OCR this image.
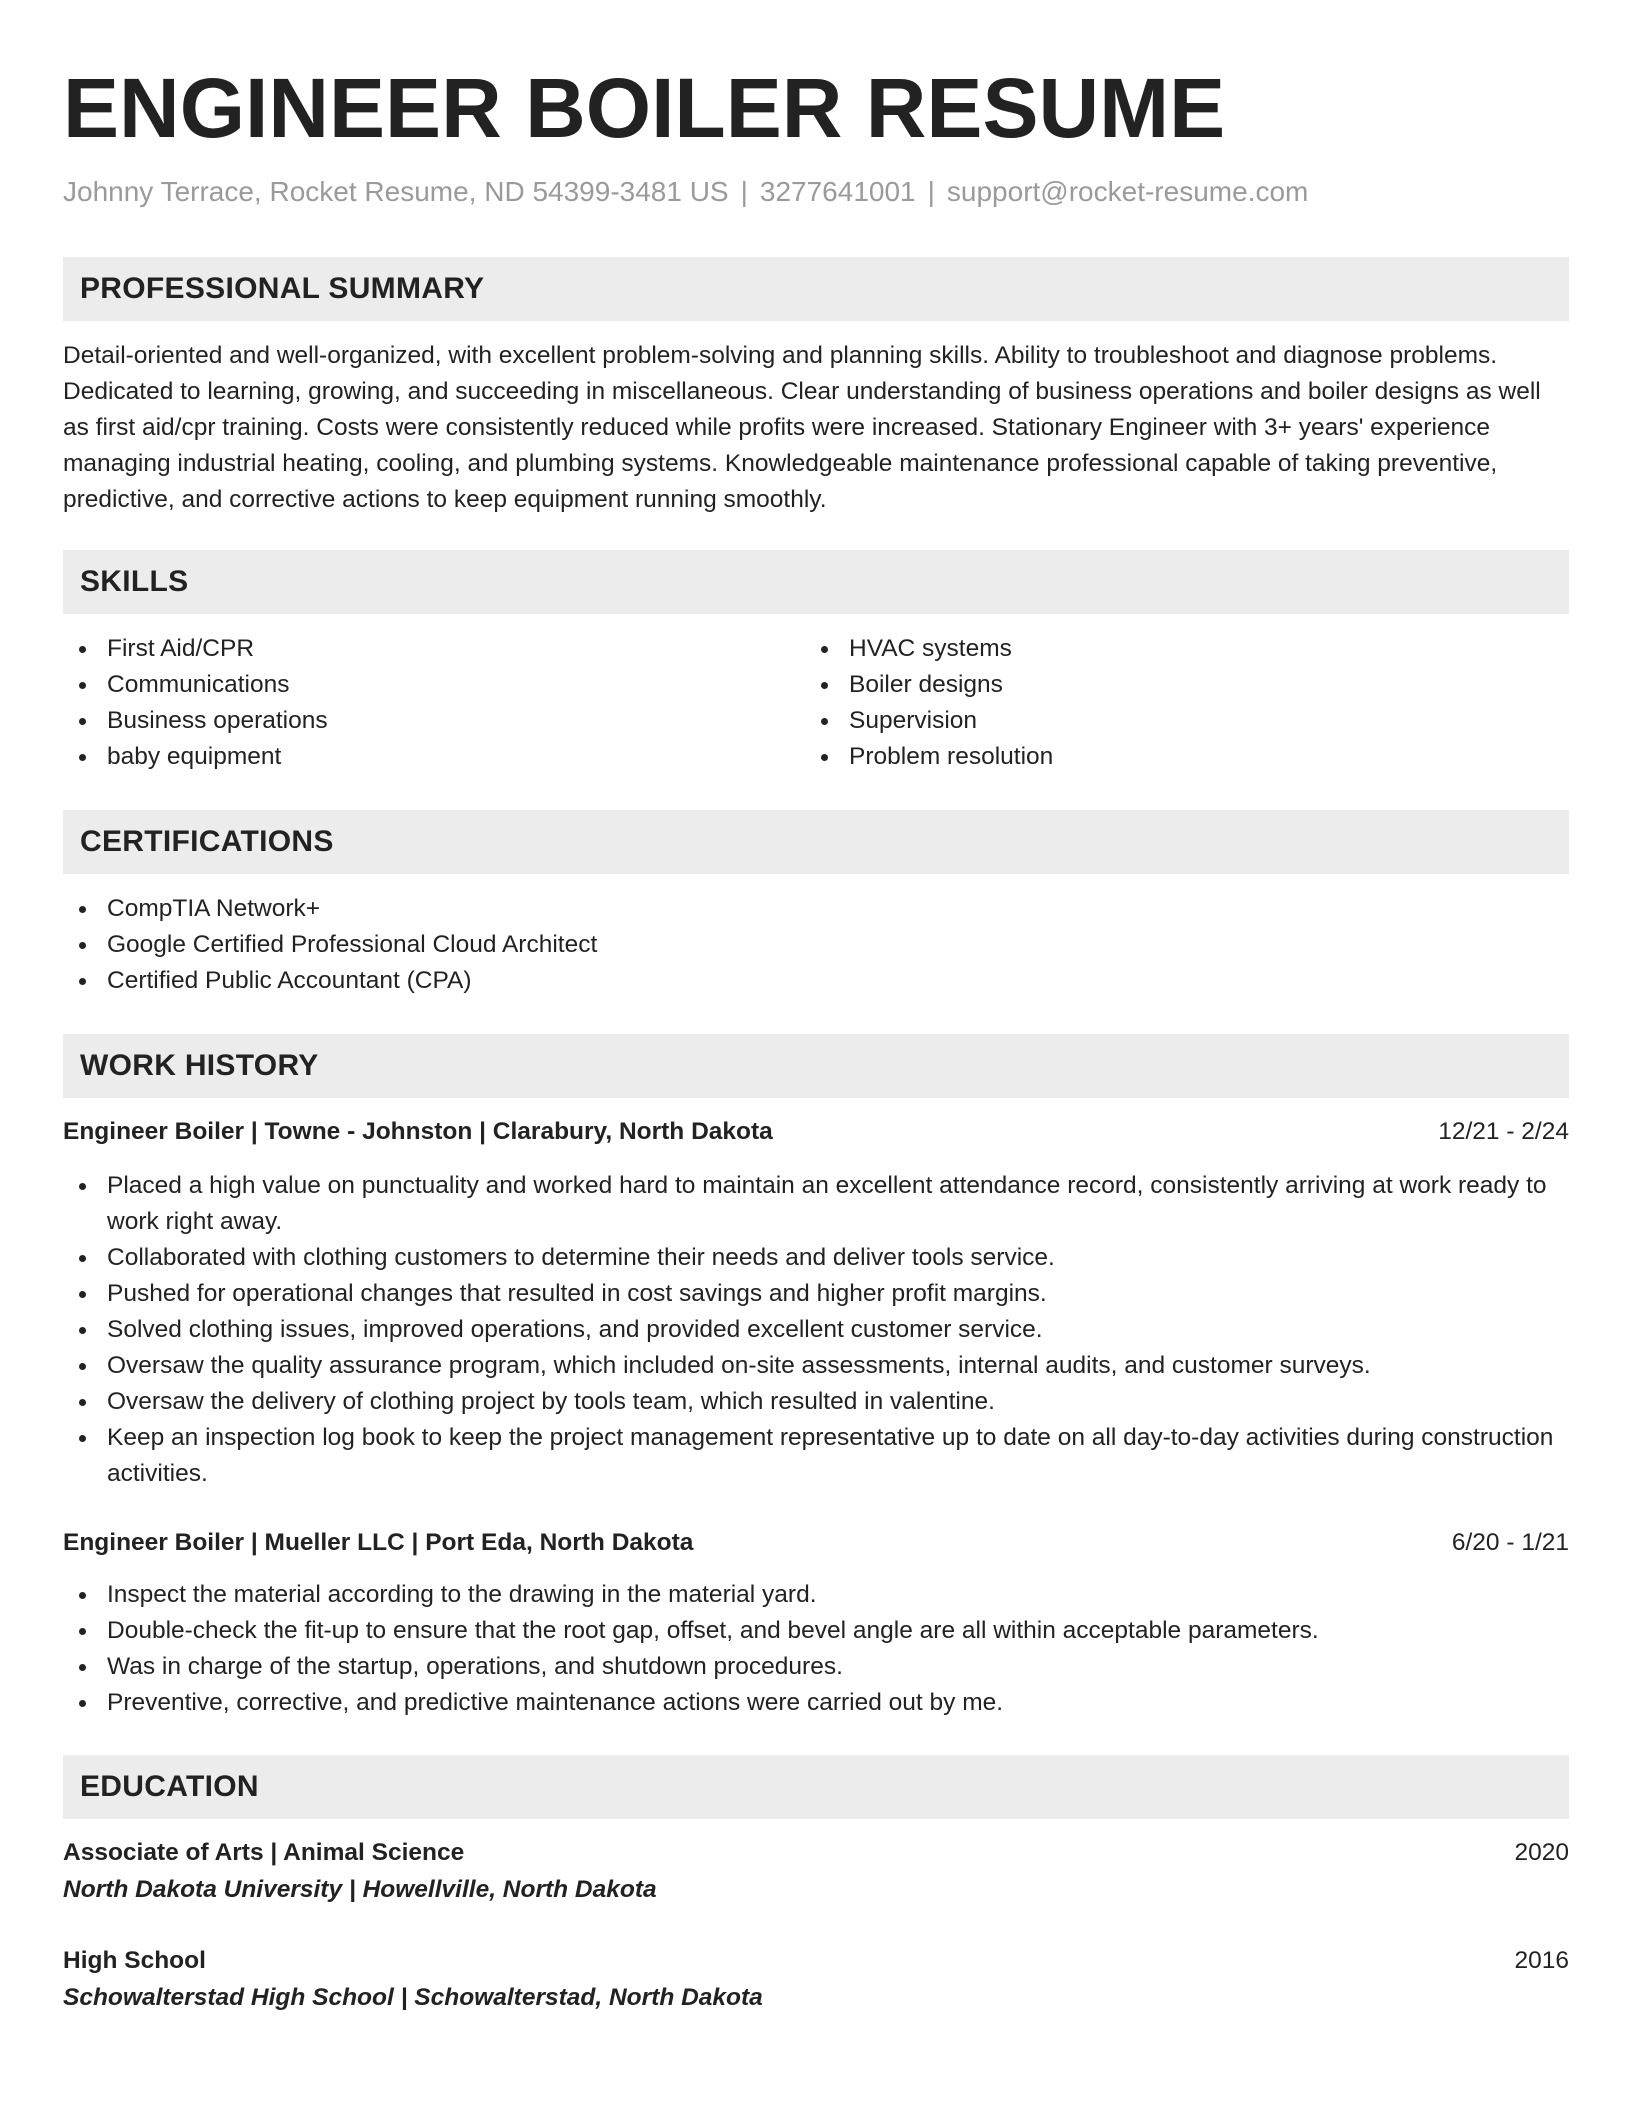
ENGINEER BOILER RESUME
Johnny Terrace, Rocket Resume, ND 54399-3481 US | 3277641001 | support@rocket-resume.com
PROFESSIONAL SUMMARY

Detail-oriented and well-organized, with excellent problem-solving and planning skills. Ability to troubleshoot and diagnose problems. Dedicated to learning, growing, and succeeding in miscellaneous. Clear understanding of business operations and boiler designs as well as first aid/cpr training. Costs were consistently reduced while profits were increased. Stationary Engineer with 3+ years' experience managing industrial heating, cooling, and plumbing systems. Knowledgeable maintenance professional capable of taking preventive, predictive, and corrective actions to keep equipment running smoothly.

SKILLS
First Aid/CPR
Communications
Business operations
baby equipment
HVAC systems
Boiler designs
Supervision
Problem resolution
CERTIFICATIONS
CompTIA Network+
Google Certified Professional Cloud Architect
Certified Public Accountant (CPA)
WORK HISTORY
Engineer Boiler | Towne - Johnston | Clarabury, North Dakota	12/21 - 2/24
Placed a high value on punctuality and worked hard to maintain an excellent attendance record, consistently arriving at work ready to work right away.
Collaborated with clothing customers to determine their needs and deliver tools service.
Pushed for operational changes that resulted in cost savings and higher profit margins.
Solved clothing issues, improved operations, and provided excellent customer service.
Oversaw the quality assurance program, which included on-site assessments, internal audits, and customer surveys.
Oversaw the delivery of clothing project by tools team, which resulted in valentine.
Keep an inspection log book to keep the project management representative up to date on all day-to-day activities during construction activities.
Engineer Boiler | Mueller LLC | Port Eda, North Dakota	6/20 - 1/21
Inspect the material according to the drawing in the material yard.
Double-check the fit-up to ensure that the root gap, offset, and bevel angle are all within acceptable parameters.
Was in charge of the startup, operations, and shutdown procedures.
Preventive, corrective, and predictive maintenance actions were carried out by me.
EDUCATION
Associate of Arts | Animal Science	2020
North Dakota University | Howellville, North Dakota
High School	2016
Schowalterstad High School | Schowalterstad, North Dakota
